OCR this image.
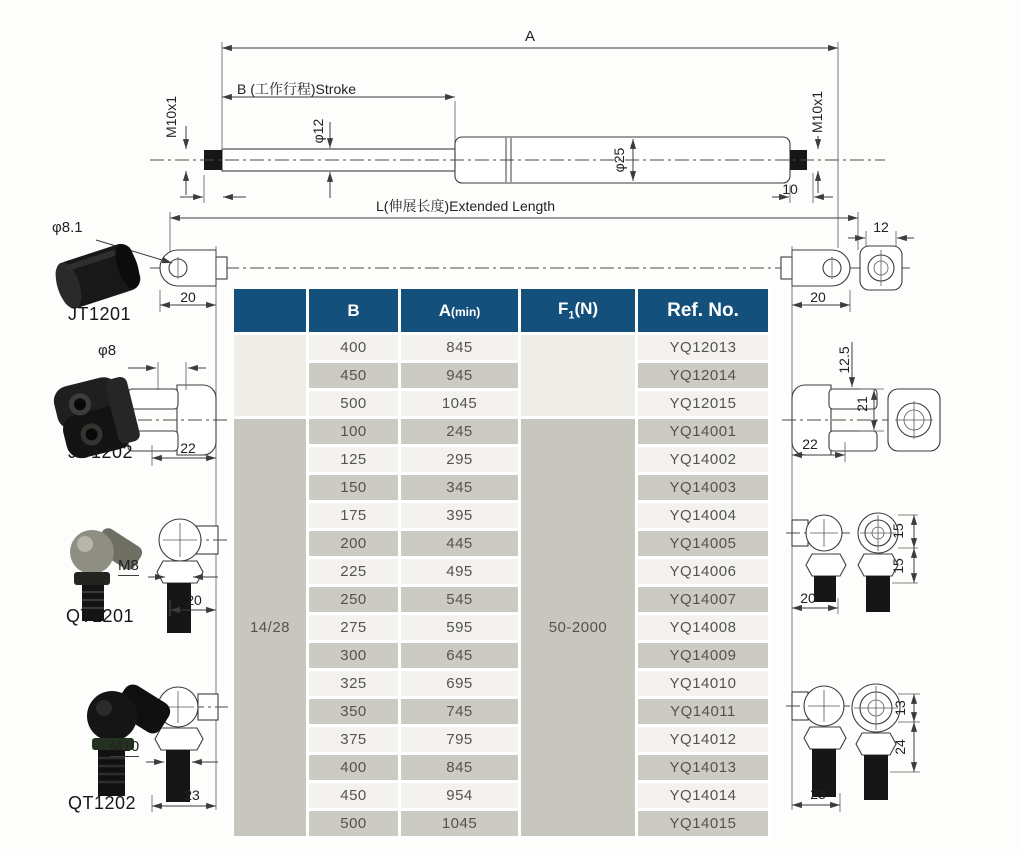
A
B (工作行程)Stroke
φ12
φ25
M10x1	M10x1
10
L(伸展长度)Extended Length
20	20
12
φ8.1
JT1201
φ8
22
JC1202
M8
20
QT1201
M10
23
QT1202
12.5
21
22
15
15
20
13
24
23
	B	A(min)	$F_1(N)$	Ref. No.
	400	845		YQ12013
	450	945		YQ12014
	500	1045		YQ12015
14/28	100	245	50-2000	YQ14001
	125	295		YQ14002
	150	345		YQ14003
	175	395		YQ14004
	200	445		YQ14005
	225	495		YQ14006
	250	545		YQ14007
	275	595		YQ14008
	300	645		YQ14009
	325	695		YQ14010
	350	745		YQ14011
	375	795		YQ14012
	400	845		YQ14013
	450	954		YQ14014
	500	1045		YQ14015
